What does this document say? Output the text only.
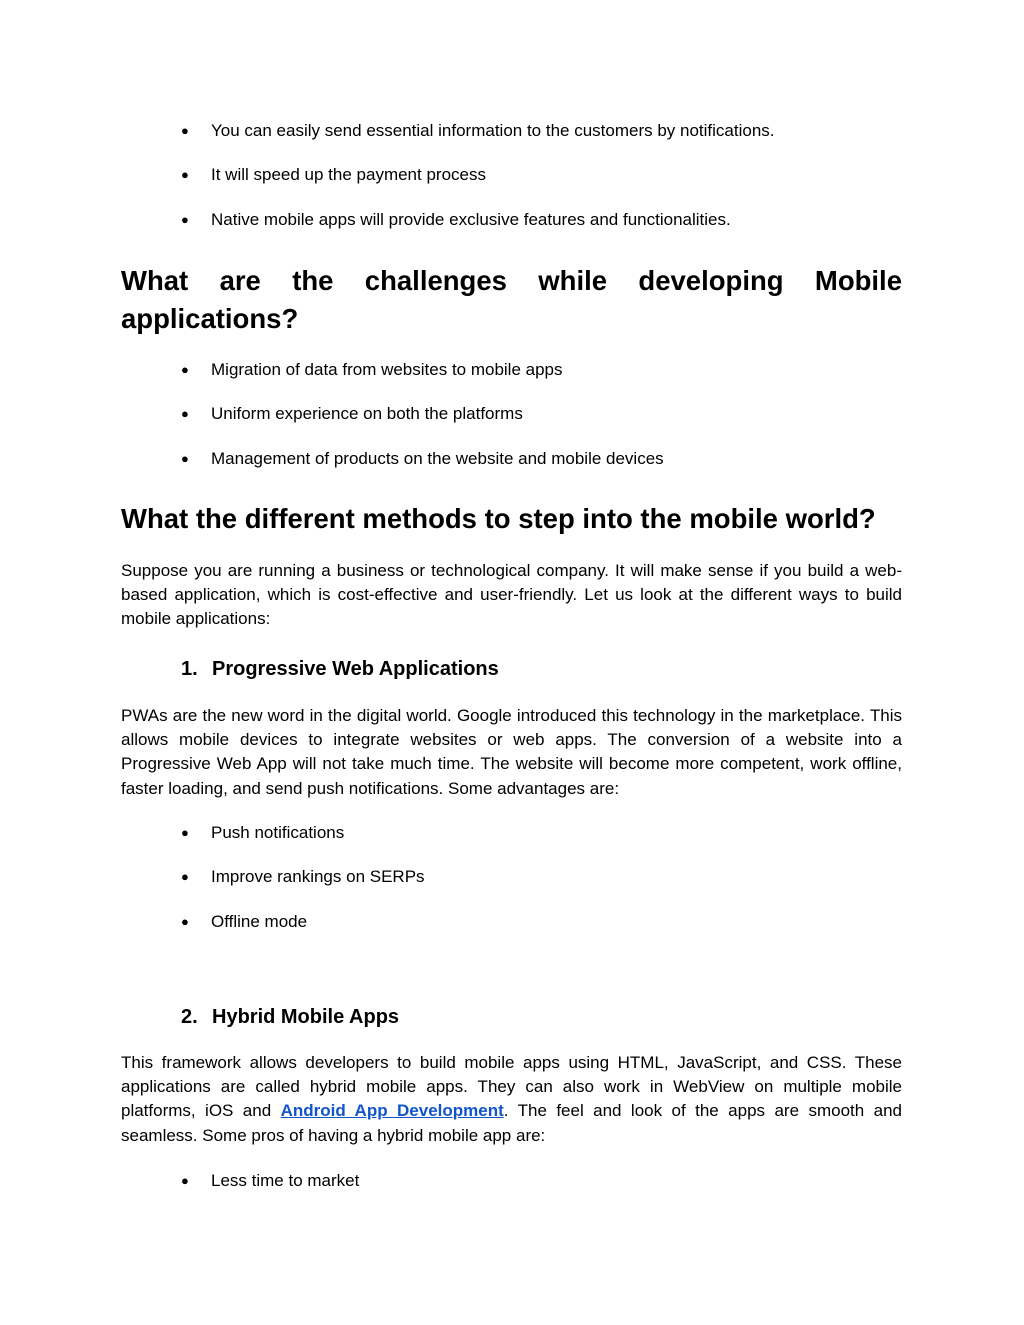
● You can easily send essential information to the customers by notifications.
● It will speed up the payment process
● Native mobile apps will provide exclusive features and functionalities.
What are the challenges while developing Mobile
applications?
● Migration of data from websites to mobile apps
● Uniform experience on both the platforms
● Management of products on the website and mobile devices
What the different methods to step into the mobile world?

Suppose you are running a business or technological company. It will make sense if you build a web-based application, which is cost-effective and user-friendly. Let us look at the different ways to build mobile applications:

1. Progressive Web Applications

PWAs are the new word in the digital world. Google introduced this technology in the marketplace. This allows mobile devices to integrate websites or web apps. The conversion of a website into a Progressive Web App will not take much time. The website will become more competent, work offline, faster loading, and send push notifications. Some advantages are:

● Push notifications
● Improve rankings on SERPs
● Offline mode
2. Hybrid Mobile Apps

This framework allows developers to build mobile apps using HTML, JavaScript, and CSS. These applications are called hybrid mobile apps. They can also work in WebView on multiple mobile platforms, iOS and Android App Development. The feel and look of the apps are smooth and seamless. Some pros of having a hybrid mobile app are:

● Less time to market
